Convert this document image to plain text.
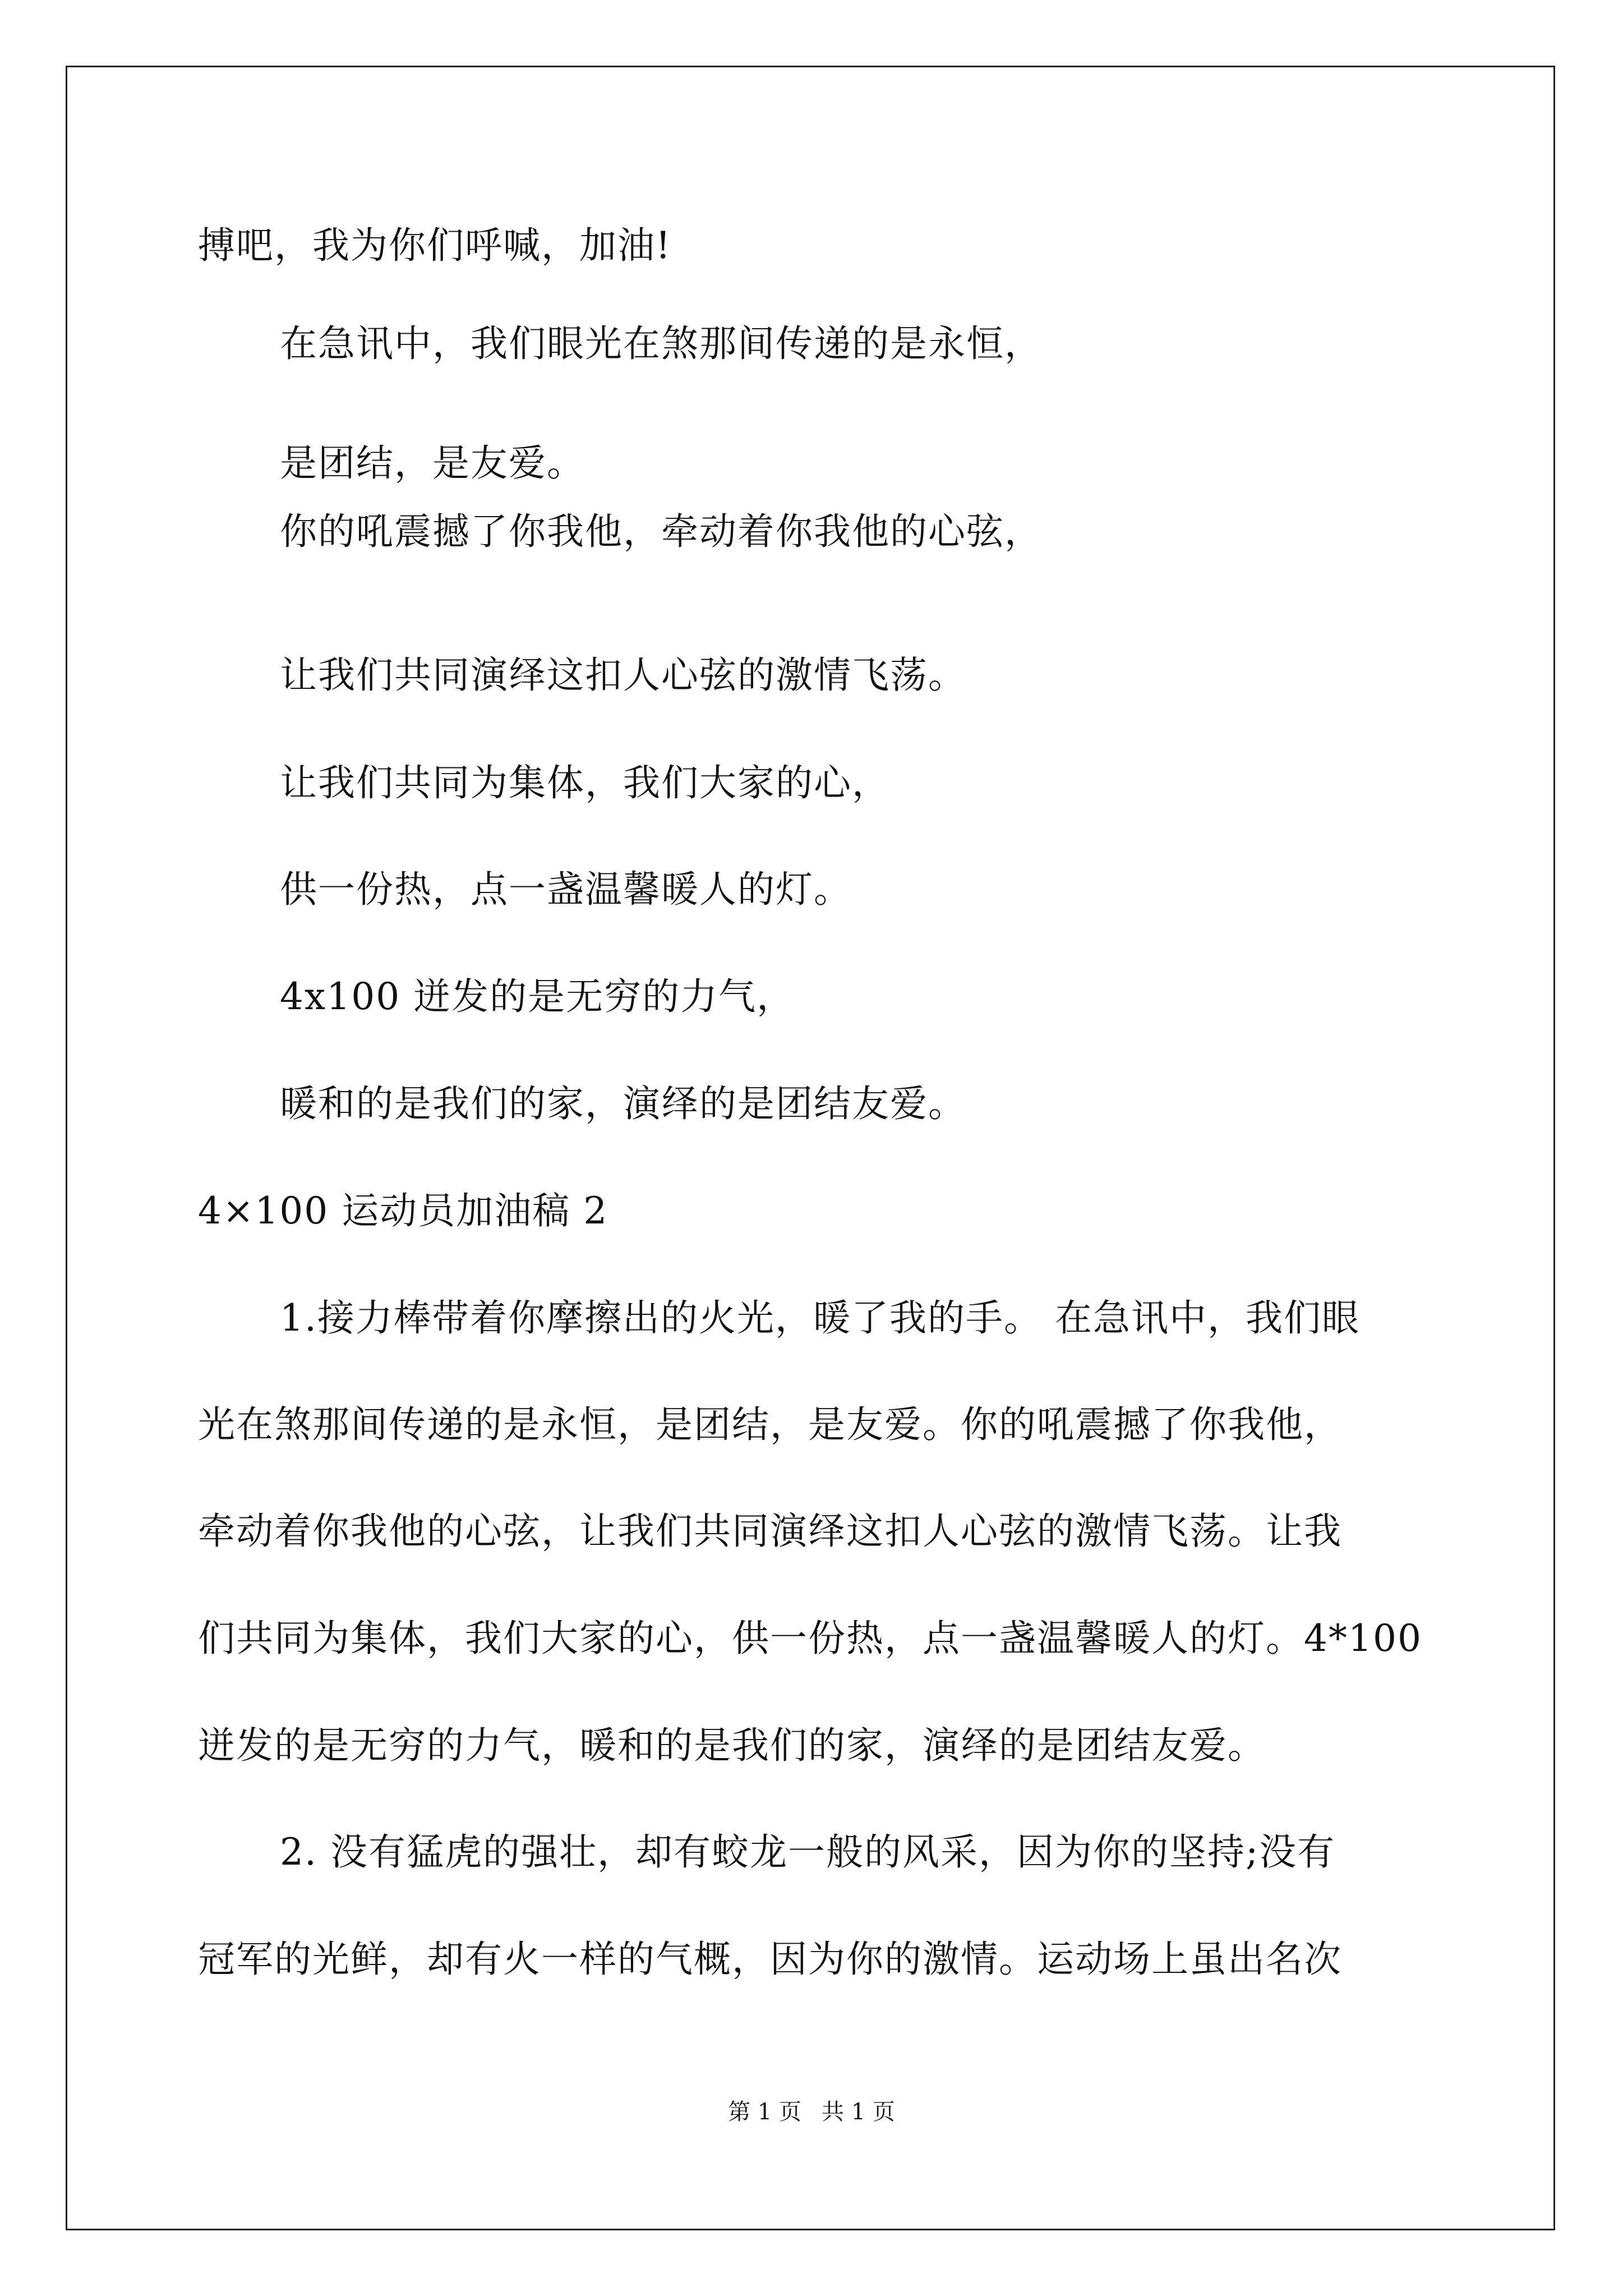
搏吧，我为你们呼喊，加油!
在急讯中，我们眼光在煞那间传递的是永恒，
是团结，是友爱。
你的吼震撼了你我他，牵动着你我他的心弦，
让我们共同演绎这扣人心弦的激情飞荡。
让我们共同为集体，我们大家的心，
供一份热，点一盏温馨暖人的灯。
4x100 迸发的是无穷的力气，
暖和的是我们的家，演绎的是团结友爱。
4×100 运动员加油稿 2
1.接力棒带着你摩擦出的火光，暖了我的手。 在急讯中，我们眼
光在煞那间传递的是永恒，是团结，是友爱。你的吼震撼了你我他，
牵动着你我他的心弦，让我们共同演绎这扣人心弦的激情飞荡。让我
们共同为集体，我们大家的心，供一份热，点一盏温馨暖人的灯。4*100
迸发的是无穷的力气，暖和的是我们的家，演绎的是团结友爱。
2. 没有猛虎的强壮，却有蛟龙一般的风采，因为你的坚持;没有
冠军的光鲜，却有火一样的气概，因为你的激情。运动场上虽出名次
第 1 页 共 1 页
